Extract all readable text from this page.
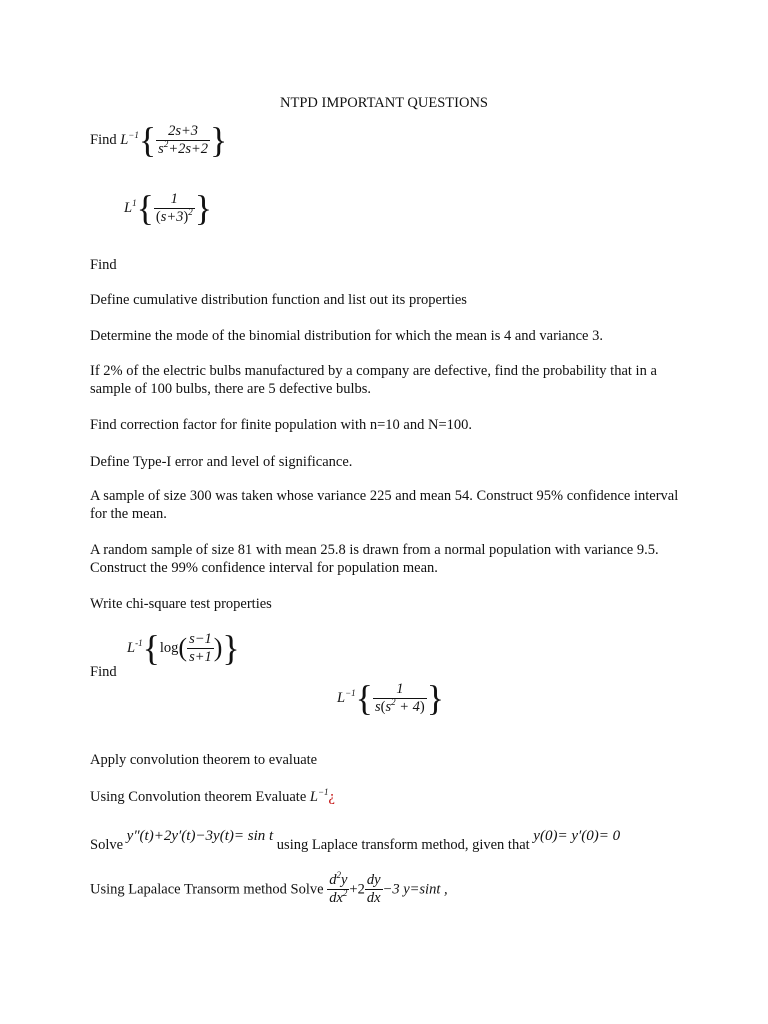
NTPD IMPORTANT QUESTIONS
Find $L^{-1}\{ \frac{2s+3}{s^2+2s+2}$ }
$L^1\{ \frac{1}{(s+3)^2}$ }
Find
Define cumulative distribution function and list out its properties
Determine the mode of the binomial distribution for which the mean is 4 and variance 3.
If 2% of the electric bulbs manufactured by a company are defective, find the probability that in a sample of 100 bulbs, there are 5 defective bulbs.
Find correction factor for finite population with n=10 and N=100.
Define Type-I error and level of significance.
A sample of size 300 was taken whose variance 225 and mean 54. Construct 95% confidence interval for the mean.
A random sample of size 81 with mean 25.8 is drawn from a normal population with variance 9.5. Construct the 99% confidence interval for population mean.
Write chi-square test properties
$L^{-1}\{\log( \frac{s-1}{s+1}$ )}
Find
$L^{-1}\{ \frac{1}{s(s^2 + 4)}$ }
Apply convolution theorem to evaluate
Using Convolution theorem Evaluate $L^{-1}¿$
Solve y″(t)+2y′(t)−3y(t)= sin t using Laplace transform method, given that y(0)= y′(0)= 0
Using Lapalace Transorm method Solve $\frac{d^2y}{dx^2} +2 \frac{dy}{dx} -3$ y=sint ,
